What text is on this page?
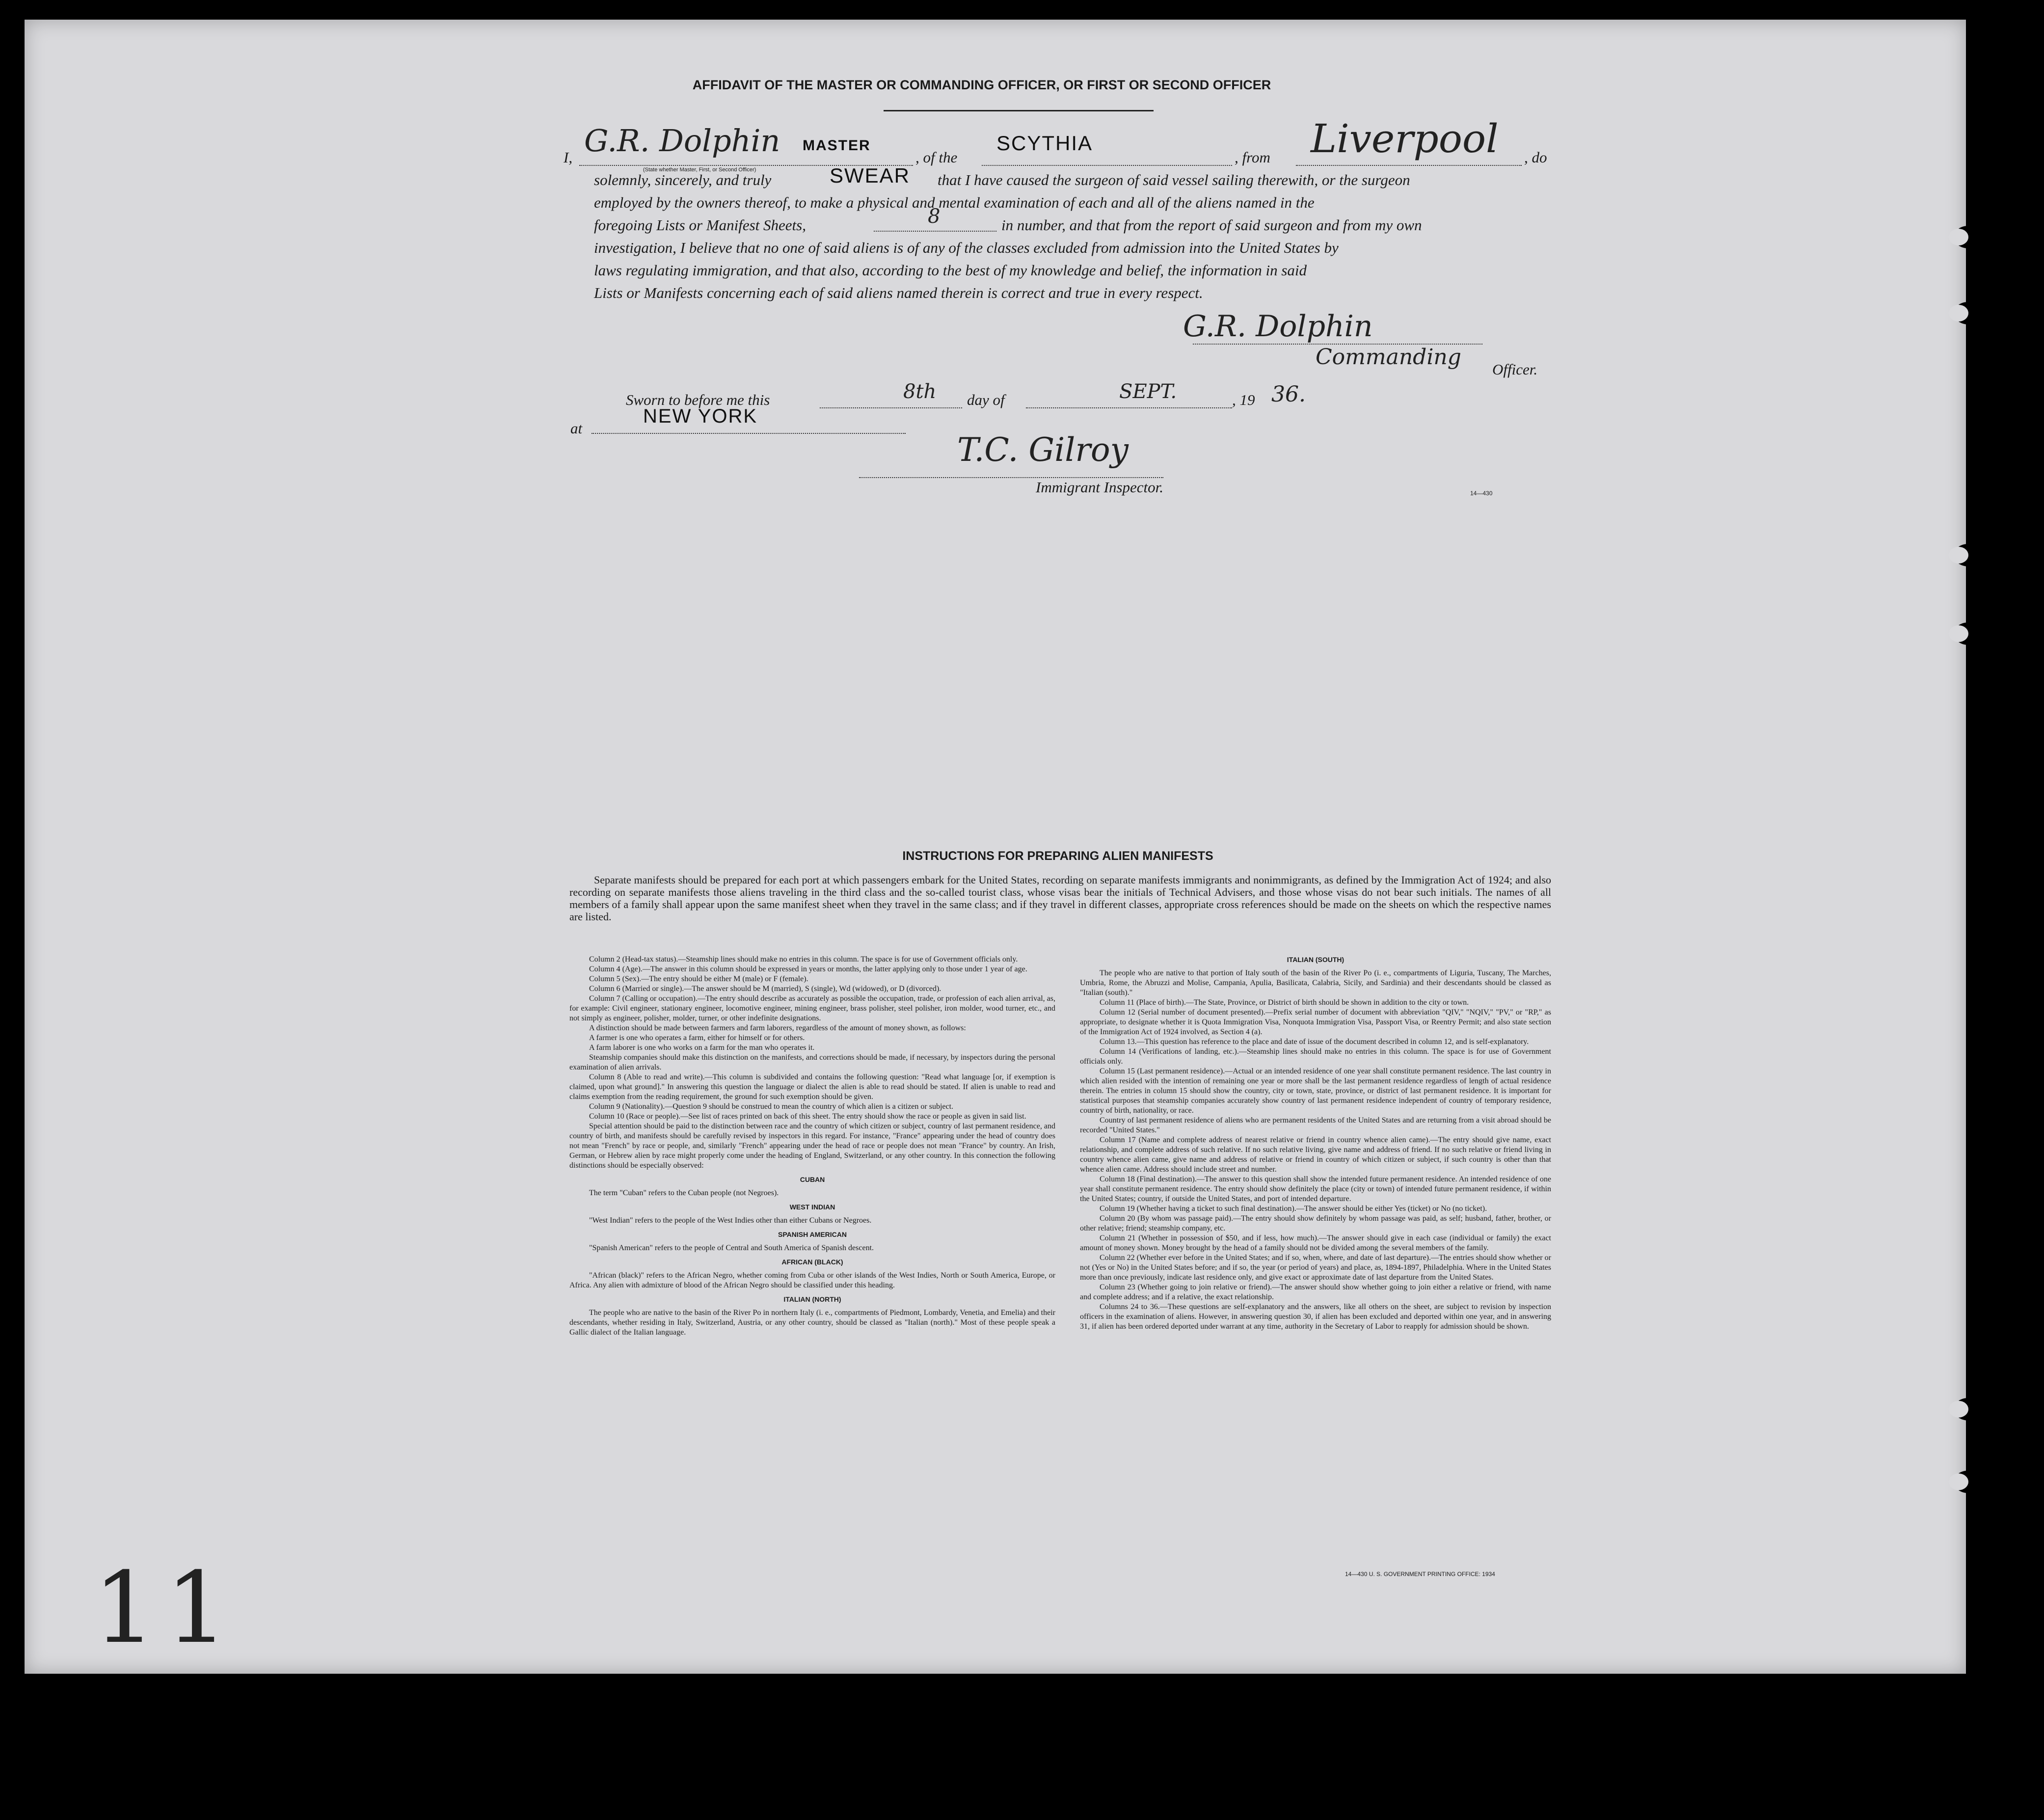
AFFIDAVIT OF THE MASTER OR COMMANDING OFFICER, OR FIRST OR SECOND OFFICER
I, G.R. Dolphin MASTER
(State whether Master, First, or Second Officer)
, of the
SCYTHIA
, from Liverpool , do
solemnly, sincerely, and truly	SWEAR that I have caused the surgeon of said vessel sailing therewith, or the surgeon
employed by the owners thereof, to make a physical and mental examination of each and all of the aliens named in the
foregoing Lists or Manifest Sheets,	8	in number, and that from the report of said surgeon and from my own
investigation, I believe that no one of said aliens is of any of the classes excluded from admission into the United States by
laws regulating immigration, and that also, according to the best of my knowledge and belief, the information in said
Lists or Manifests concerning each of said aliens named therein is correct and true in every respect.
G.R. Dolphin
Commanding Officer.
Sworn to before me this	8th day of	SEPT.	, 19 36.
at
NEW YORK
T.C. Gilroy
Immigrant Inspector.	14—430
INSTRUCTIONS FOR PREPARING ALIEN MANIFESTS
Separate manifests should be prepared for each port at which passengers embark for the United States, recording on separate manifests immigrants and nonimmigrants, as defined by the Immigration Act of 1924; and also recording on separate manifests those aliens traveling in the third class and the so-called tourist class, whose visas bear the initials of Technical Advisers, and those whose visas do not bear such initials. The names of all members of a family shall appear upon the same manifest sheet when they travel in the same class; and if they travel in different classes, appropriate cross references should be made on the sheets on which the respective names are listed.
Column 2 (Head-tax status).—Steamship lines should make no entries in this column. The space is for use of Government officials only.
Column 4 (Age).—The answer in this column should be expressed in years or months, the latter applying only to those under 1 year of age.
Column 5 (Sex).—The entry should be either M (male) or F (female).
Column 6 (Married or single).—The answer should be M (married), S (single), Wd (widowed), or D (divorced).
Column 7 (Calling or occupation).—The entry should describe as accurately as possible the occupation, trade, or profession of each alien arrival, as, for example: Civil engineer, stationary engineer, locomotive engineer, mining engineer, brass polisher, steel polisher, iron molder, wood turner, etc., and not simply as engineer, polisher, molder, turner, or other indefinite designations.
A distinction should be made between farmers and farm laborers, regardless of the amount of money shown, as follows:
A farmer is one who operates a farm, either for himself or for others.
A farm laborer is one who works on a farm for the man who operates it.
Steamship companies should make this distinction on the manifests, and corrections should be made, if necessary, by inspectors during the personal examination of alien arrivals.
Column 8 (Able to read and write).—This column is subdivided and contains the following question: "Read what language [or, if exemption is claimed, upon what ground]." In answering this question the language or dialect the alien is able to read should be stated. If alien is unable to read and claims exemption from the reading requirement, the ground for such exemption should be given.
Column 9 (Nationality).—Question 9 should be construed to mean the country of which alien is a citizen or subject.
Column 10 (Race or people).—See list of races printed on back of this sheet. The entry should show the race or people as given in said list.
Special attention should be paid to the distinction between race and the country of which citizen or subject, country of last permanent residence, and country of birth, and manifests should be carefully revised by inspectors in this regard. For instance, "France" appearing under the head of country does not mean "French" by race or people, and, similarly "French" appearing under the head of race or people does not mean "France" by country. An Irish, German, or Hebrew alien by race might properly come under the heading of England, Switzerland, or any other country. In this connection the following distinctions should be especially observed:
CUBAN
The term "Cuban" refers to the Cuban people (not Negroes).
WEST INDIAN
"West Indian" refers to the people of the West Indies other than either Cubans or Negroes.
SPANISH AMERICAN
"Spanish American" refers to the people of Central and South America of Spanish descent.
AFRICAN (BLACK)
"African (black)" refers to the African Negro, whether coming from Cuba or other islands of the West Indies, North or South America, Europe, or Africa. Any alien with admixture of blood of the African Negro should be classified under this heading.
ITALIAN (NORTH)
The people who are native to the basin of the River Po in northern Italy (i. e., compartments of Piedmont, Lombardy, Venetia, and Emelia) and their descendants, whether residing in Italy, Switzerland, Austria, or any other country, should be classed as "Italian (north)." Most of these people speak a Gallic dialect of the Italian language.
ITALIAN (SOUTH)
The people who are native to that portion of Italy south of the basin of the River Po (i. e., compartments of Liguria, Tuscany, The Marches, Umbria, Rome, the Abruzzi and Molise, Campania, Apulia, Basilicata, Calabria, Sicily, and Sardinia) and their descendants should be classed as "Italian (south)."
Column 11 (Place of birth).—The State, Province, or District of birth should be shown in addition to the city or town.
Column 12 (Serial number of document presented).—Prefix serial number of document with abbreviation "QIV," "NQIV," "PV," or "RP," as appropriate, to designate whether it is Quota Immigration Visa, Nonquota Immigration Visa, Passport Visa, or Reentry Permit; and also state section of the Immigration Act of 1924 involved, as Section 4 (a).
Column 13.—This question has reference to the place and date of issue of the document described in column 12, and is self-explanatory.
Column 14 (Verifications of landing, etc.).—Steamship lines should make no entries in this column. The space is for use of Government officials only.
Column 15 (Last permanent residence).—Actual or an intended residence of one year shall constitute permanent residence. The last country in which alien resided with the intention of remaining one year or more shall be the last permanent residence regardless of length of actual residence therein. The entries in column 15 should show the country, city or town, state, province, or district of last permanent residence. It is important for statistical purposes that steamship companies accurately show country of last permanent residence independent of country of temporary residence, country of birth, nationality, or race.
Country of last permanent residence of aliens who are permanent residents of the United States and are returning from a visit abroad should be recorded "United States."
Column 17 (Name and complete address of nearest relative or friend in country whence alien came).—The entry should give name, exact relationship, and complete address of such relative. If no such relative living, give name and address of friend. If no such relative or friend living in country whence alien came, give name and address of relative or friend in country of which citizen or subject, if such country is other than that whence alien came. Address should include street and number.
Column 18 (Final destination).—The answer to this question shall show the intended future permanent residence. An intended residence of one year shall constitute permanent residence. The entry should show definitely the place (city or town) of intended future permanent residence, if within the United States; country, if outside the United States, and port of intended departure.
Column 19 (Whether having a ticket to such final destination).—The answer should be either Yes (ticket) or No (no ticket).
Column 20 (By whom was passage paid).—The entry should show definitely by whom passage was paid, as self; husband, father, brother, or other relative; friend; steamship company, etc.
Column 21 (Whether in possession of $50, and if less, how much).—The answer should give in each case (individual or family) the exact amount of money shown. Money brought by the head of a family should not be divided among the several members of the family.
Column 22 (Whether ever before in the United States; and if so, when, where, and date of last departure).—The entries should show whether or not (Yes or No) in the United States before; and if so, the year (or period of years) and place, as, 1894-1897, Philadelphia. Where in the United States more than once previously, indicate last residence only, and give exact or approximate date of last departure from the United States.
Column 23 (Whether going to join relative or friend).—The answer should show whether going to join either a relative or friend, with name and complete address; and if a relative, the exact relationship.
Columns 24 to 36.—These questions are self-explanatory and the answers, like all others on the sheet, are subject to revision by inspection officers in the examination of aliens. However, in answering question 30, if alien has been excluded and deported within one year, and in answering 31, if alien has been ordered deported under warrant at any time, authority in the Secretary of Labor to reapply for admission should be shown.
14—430 U. S. GOVERNMENT PRINTING OFFICE: 1934
11
